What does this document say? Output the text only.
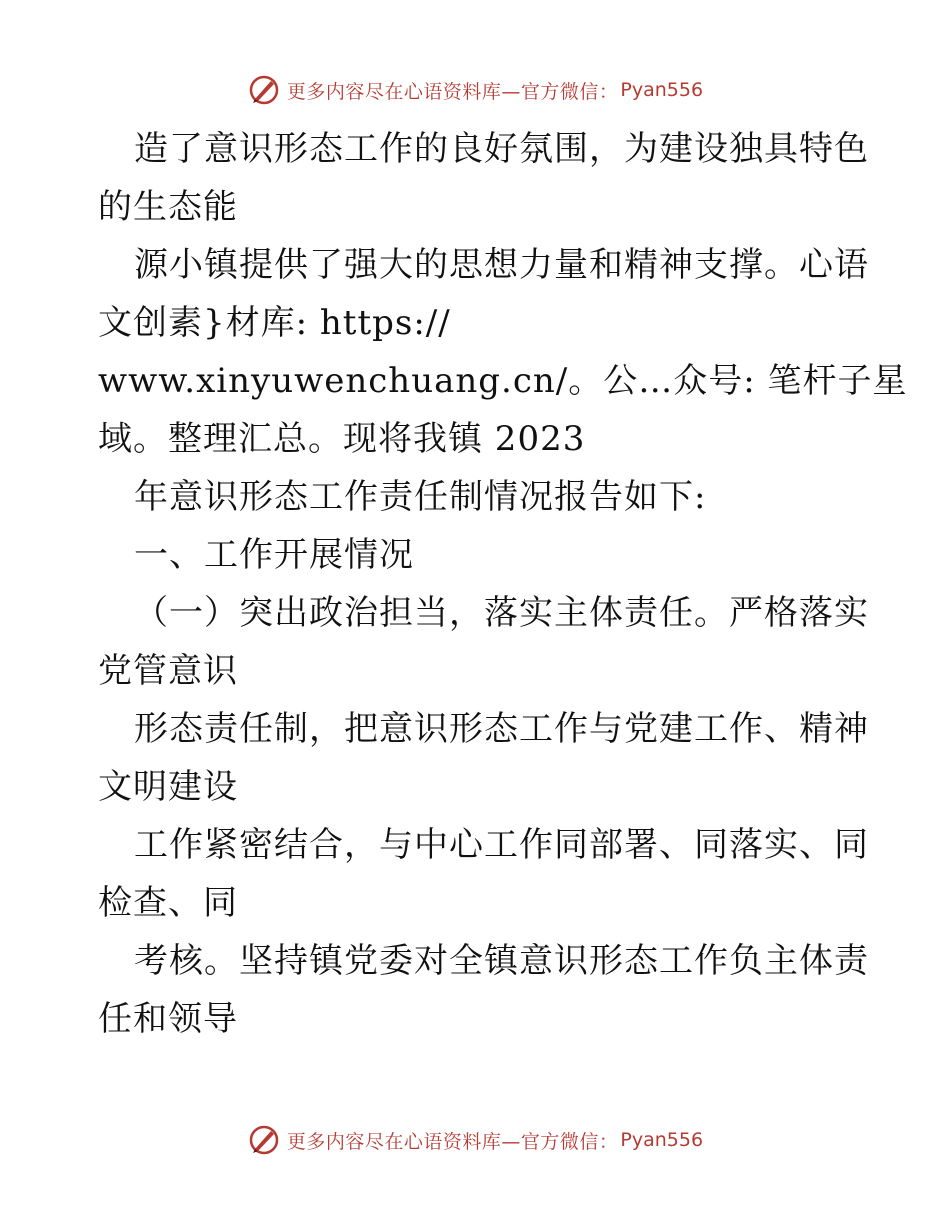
更多内容尽在心语资料库—官方微信： Pyan556
造了意识形态工作的良好氛围，为建设独具特色
的生态能
源小镇提供了强大的思想力量和精神支撑。心语
文创素}材库: https://
www.xinyuwenchuang.cn/。公…众号: 笔杆子星
域。整理汇总。现将我镇 2023
年意识形态工作责任制情况报告如下:
一、工作开展情况
（一）突出政治担当，落实主体责任。严格落实
党管意识
形态责任制，把意识形态工作与党建工作、精神
文明建设
工作紧密结合，与中心工作同部署、同落实、同
检查、同
考核。坚持镇党委对全镇意识形态工作负主体责
任和领导
更多内容尽在心语资料库—官方微信： Pyan556
